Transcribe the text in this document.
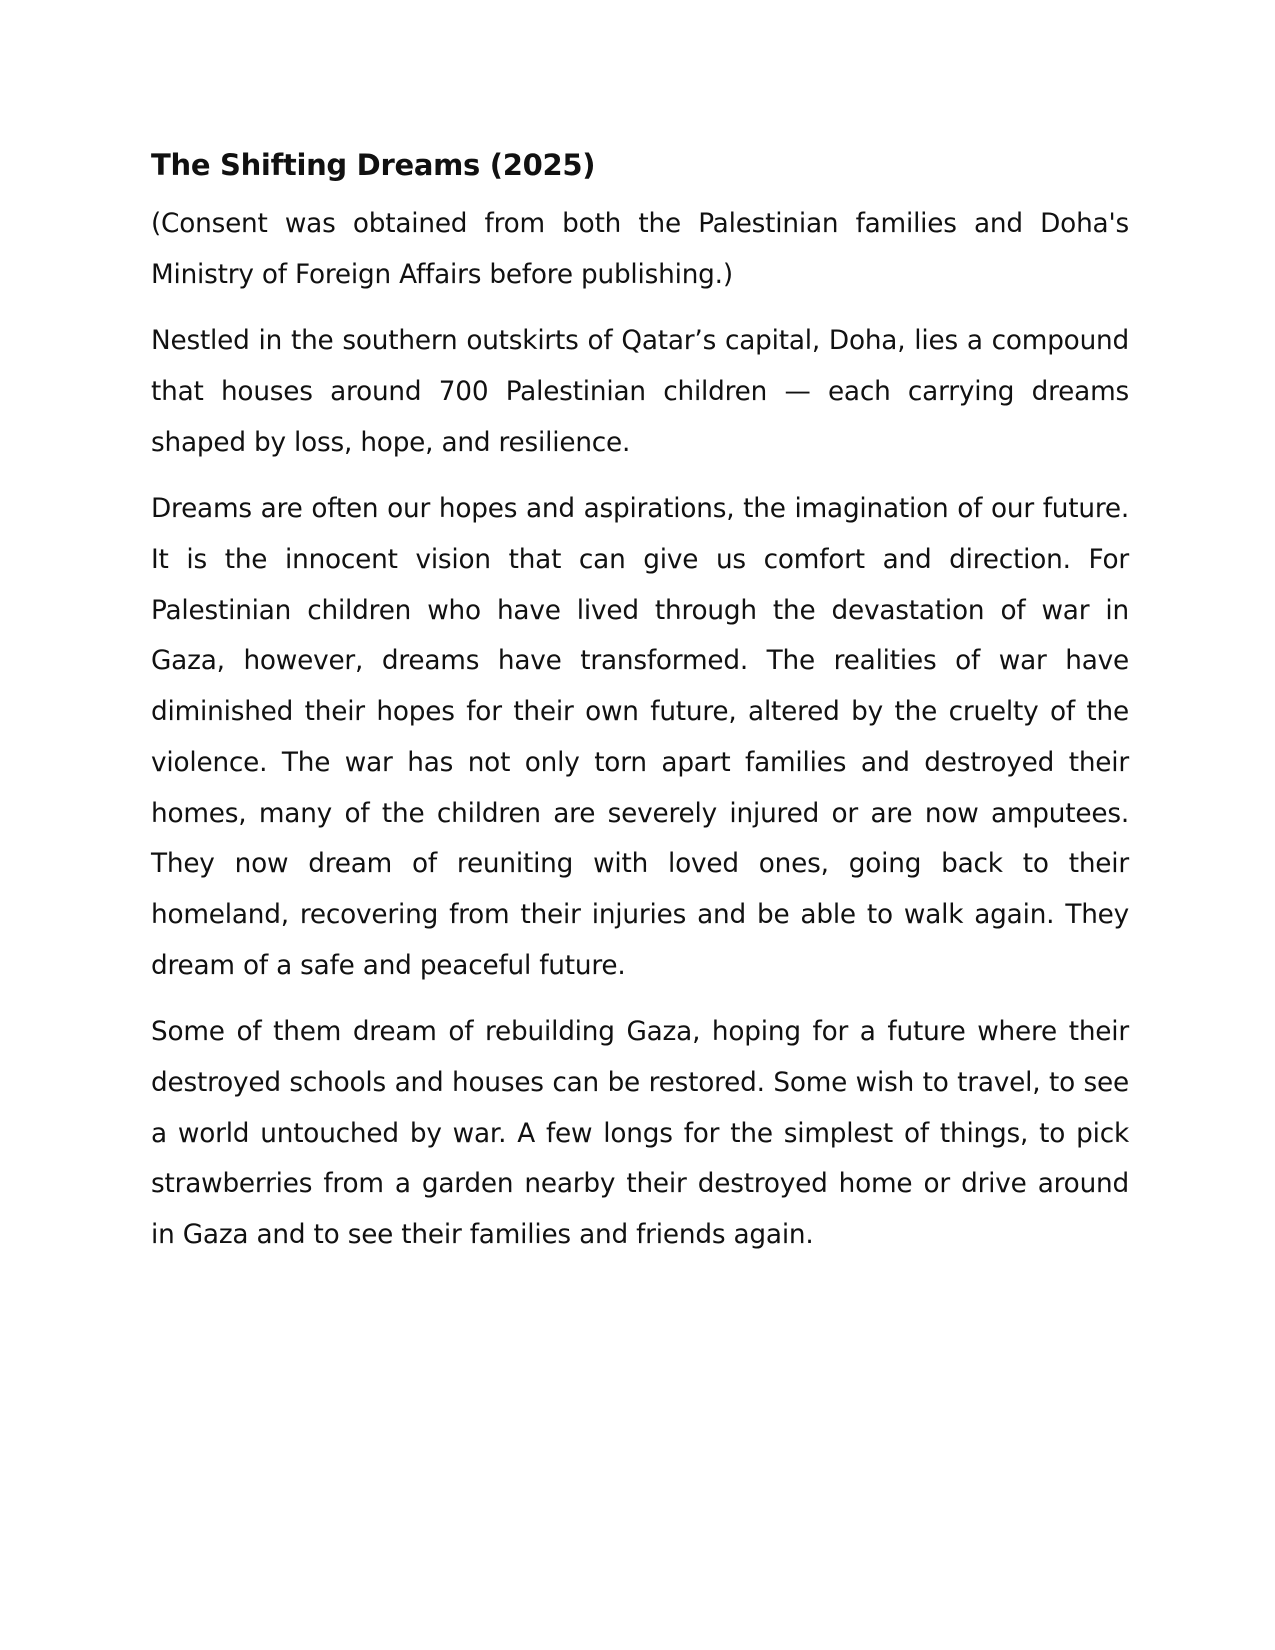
The Shifting Dreams (2025)

(Consent was obtained from both the Palestinian families and Doha's Ministry of Foreign Affairs before publishing.)

Nestled in the southern outskirts of Qatar’s capital, Doha, lies a compound that houses around 700 Palestinian children — each carrying dreams shaped by loss, hope, and resilience.

Dreams are often our hopes and aspirations, the imagination of our future. It is the innocent vision that can give us comfort and direction. For Palestinian children who have lived through the devastation of war in Gaza, however, dreams have transformed. The realities of war have diminished their hopes for their own future, altered by the cruelty of the violence. The war has not only torn apart families and destroyed their homes, many of the children are severely injured or are now amputees. They now dream of reuniting with loved ones, going back to their homeland, recovering from their injuries and be able to walk again. They dream of a safe and peaceful future.

Some of them dream of rebuilding Gaza, hoping for a future where their destroyed schools and houses can be restored. Some wish to travel, to see a world untouched by war. A few longs for the simplest of things, to pick strawberries from a garden nearby their destroyed home or drive around in Gaza and to see their families and friends again.
